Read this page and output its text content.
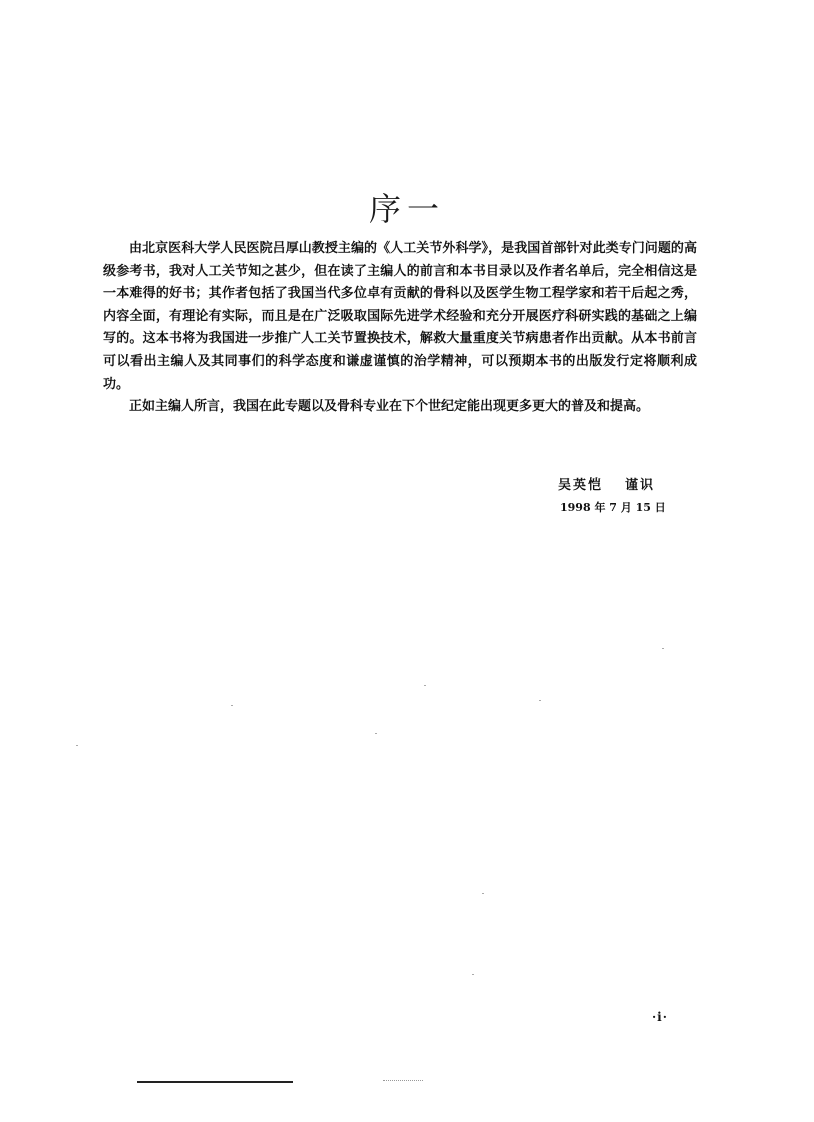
序一

由北京医科大学人民医院吕厚山教授主编的《人工关节外科学》，是我国首部针对此类专门问题的高级参考书，我对人工关节知之甚少，但在读了主编人的前言和本书目录以及作者名单后，完全相信这是一本难得的好书；其作者包括了我国当代多位卓有贡献的骨科以及医学生物工程学家和若干后起之秀，内容全面，有理论有实际，而且是在广泛吸取国际先进学术经验和充分开展医疗科研实践的基础之上编写的。这本书将为我国进一步推广人工关节置换技术，解救大量重度关节病患者作出贡献。从本书前言可以看出主编人及其同事们的科学态度和谦虚谨慎的治学精神，可以预期本书的出版发行定将顺利成功。

正如主编人所言，我国在此专题以及骨科专业在下个世纪定能出现更多更大的普及和提高。

吴英恺 谨识
1998 年 7 月 15 日
·i·
